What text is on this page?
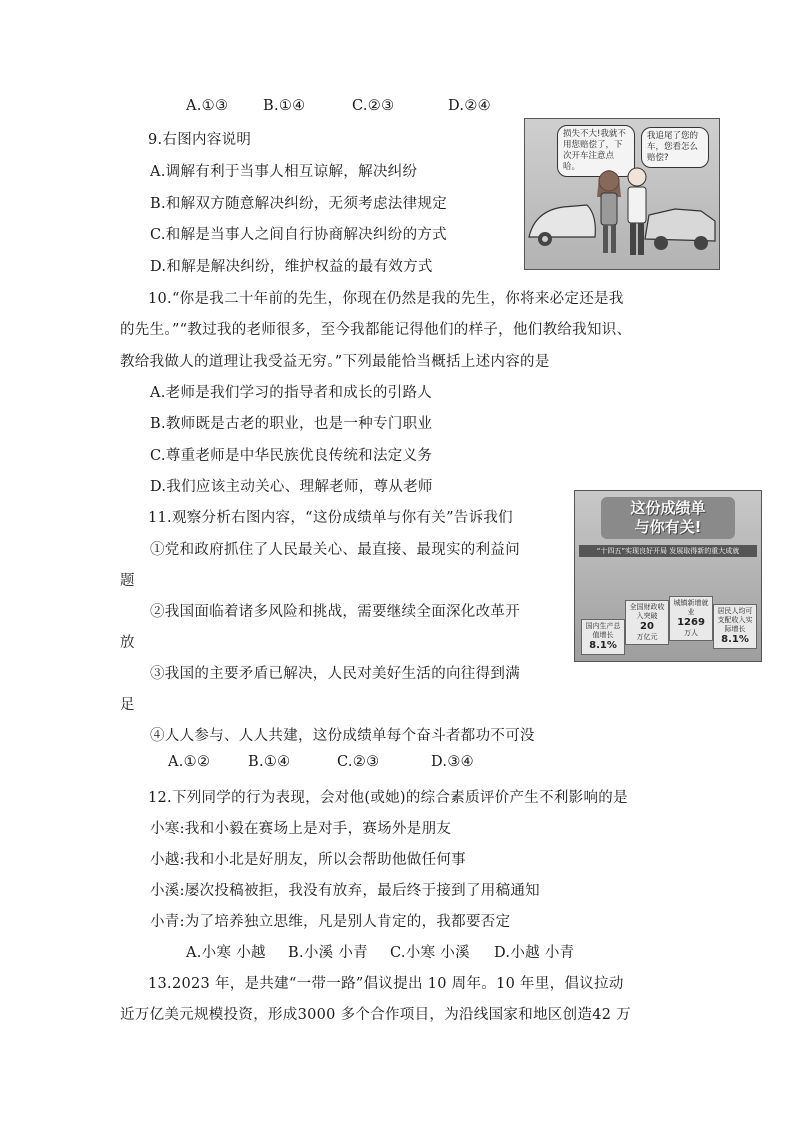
A.①③ B.①④	C.②③	D.②④
9.右图内容说明
A.调解有利于当事人相互谅解，解决纠纷
B.和解双方随意解决纠纷，无须考虑法律规定
C.和解是当事人之间自行协商解决纠纷的方式
D.和解是解决纠纷，维护权益的最有效方式
损失不大!我就不用您赔偿了，下次开车注意点哈。
我追尾了您的车，您看怎么赔偿?
10.“你是我二十年前的先生，你现在仍然是我的先生，你将来必定还是我
的先生。”“教过我的老师很多，至今我都能记得他们的样子，他们教给我知识、
教给我做人的道理让我受益无穷。”下列最能恰当概括上述内容的是
A.老师是我们学习的指导者和成长的引路人
B.教师既是古老的职业，也是一种专门职业
C.尊重老师是中华民族优良传统和法定义务
D.我们应该主动关心、理解老师，尊从老师
11.观察分析右图内容，“这份成绩单与你有关”告诉我们
①党和政府抓住了人民最关心、最直接、最现实的利益问
题
②我国面临着诸多风险和挑战，需要继续全面深化改革开
放
③我国的主要矛盾已解决，人民对美好生活的向往得到满
足
④人人参与、人人共建，这份成绩单每个奋斗者都功不可没
A.①②	B.①④	C.②③	D.③④
这份成绩单
与你有关!
“十四五”实现良好开局 发展取得新的重大成就
国内生产总值增长
8.1%
全国财政收入突破
20
万亿元
城镇新增就业
1269
万人
居民人均可支配收入实际增长
8.1%
12.下列同学的行为表现，会对他(或她)的综合素质评价产生不利影响的是
小寒:我和小毅在赛场上是对手，赛场外是朋友
小越:我和小北是好朋友，所以会帮助他做任何事
小溪:屡次投稿被拒，我没有放弃，最后终于接到了用稿通知
小青:为了培养独立思维，凡是别人肯定的，我都要否定
A.小寒 小越 B.小溪 小青 C.小寒 小溪 D.小越 小青
13.2023 年，是共建“一带一路”倡议提出 10 周年。10 年里，倡议拉动
近万亿美元规模投资，形成3000 多个合作项目，为沿线国家和地区创造42 万
